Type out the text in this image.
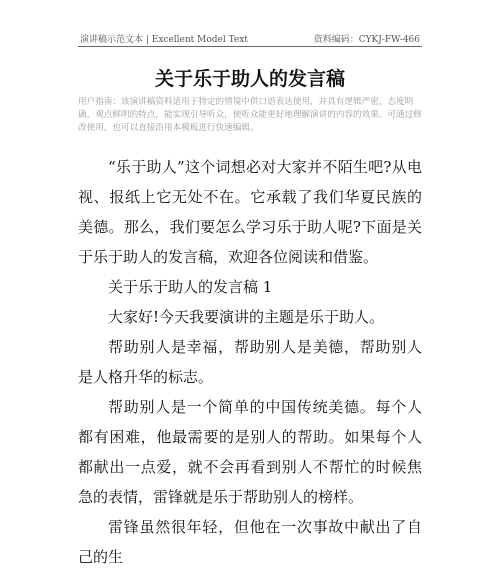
演讲稿示范文本 | Excellent Model Text	资料编码：CYKJ-FW-466
关于乐于助人的发言稿
用户指南：该演讲稿资料适用于特定的情境中供口语表达使用，并具有逻辑严密，态度明确，观点鲜明的特点，能实现引导听众，使听众能更好地理解演讲的内容的效果。可通过修改使用，也可以直接沿用本模板进行快速编辑。

“乐于助人”这个词想必对大家并不陌生吧?从电视、报纸上它无处不在。它承载了我们华夏民族的美德。那么，我们要怎么学习乐于助人呢?下面是关于乐于助人的发言稿，欢迎各位阅读和借鉴。

关于乐于助人的发言稿 1

大家好!今天我要演讲的主题是乐于助人。

帮助别人是幸福，帮助别人是美德，帮助别人是人格升华的标志。

帮助别人是一个简单的中国传统美德。每个人都有困难，他最需要的是别人的帮助。如果每个人都献出一点爱，就不会再看到别人不帮忙的时候焦急的表情，雷锋就是乐于帮助别人的榜样。

雷锋虽然很年轻，但他在一次事故中献出了自己的生
